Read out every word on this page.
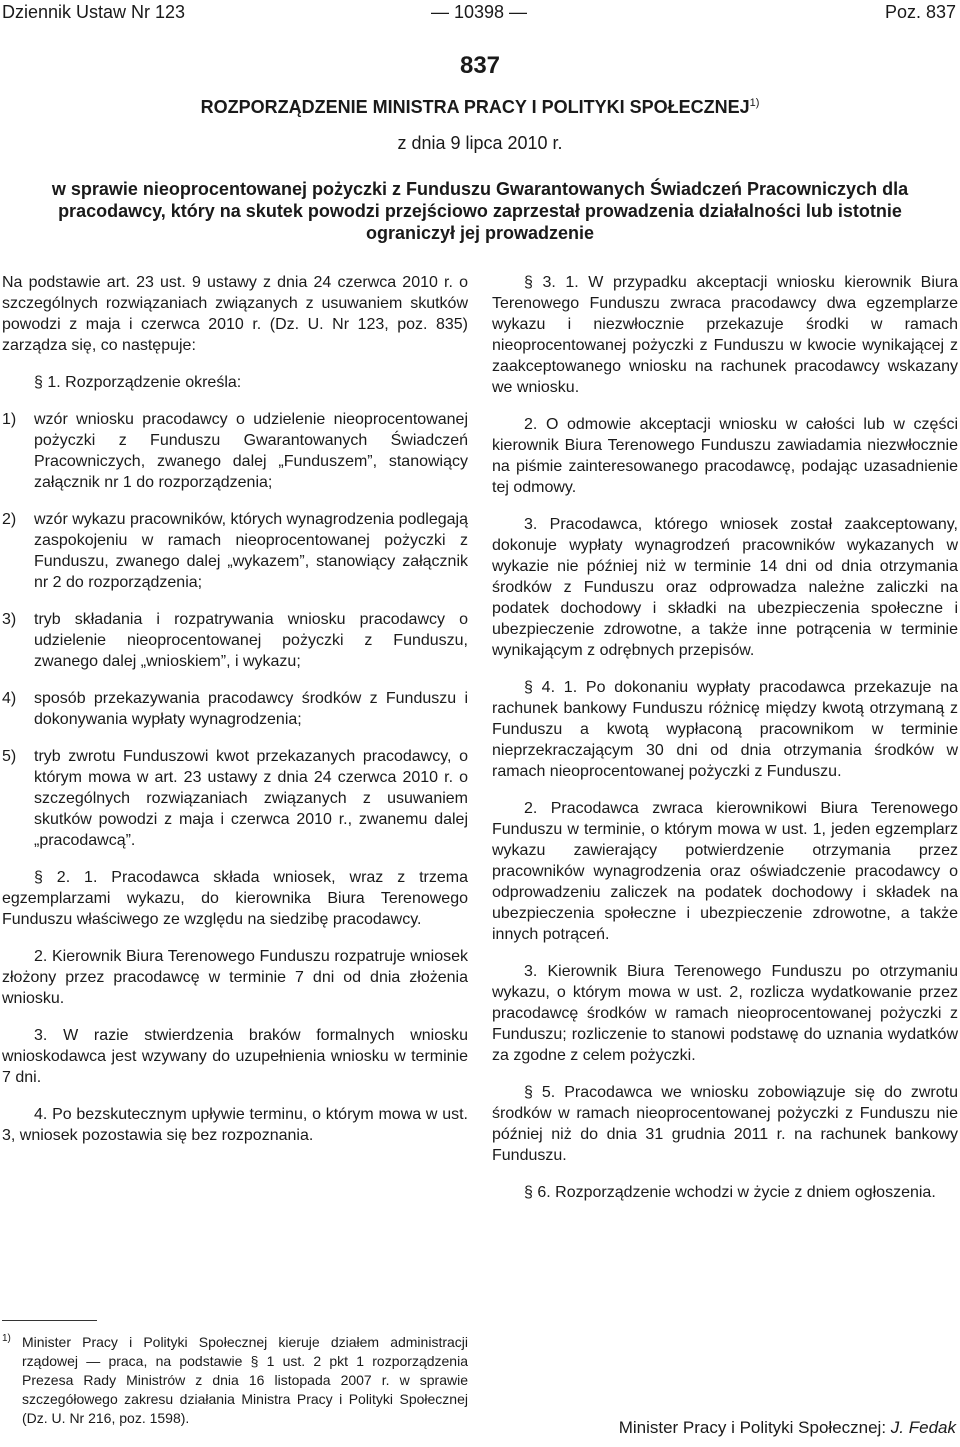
Dziennik Ustaw Nr 123	— 10398 —	Poz. 837
837
ROZPORZĄDZENIE MINISTRA PRACY I POLITYKI SPOŁECZNEJ$^{1)}$
z dnia 9 lipca 2010 r.
w sprawie nieoprocentowanej pożyczki z Funduszu Gwarantowanych Świadczeń Pracowniczych dla pracodawcy, który na skutek powodzi przejściowo zaprzestał prowadzenia działalności lub istotnie ograniczył jej prowadzenie

Na podstawie art. 23 ust. 9 ustawy z dnia 24 czerwca 2010 r. o szczególnych rozwiązaniach związanych z usuwaniem skutków powodzi z maja i czerwca 2010 r. (Dz. U. Nr 123, poz. 835) zarządza się, co następuje:

§ 1. Rozporządzenie określa:

1)	wzór wniosku pracodawcy o udzielenie nieoprocentowanej pożyczki z Funduszu Gwarantowanych Świadczeń Pracowniczych, zwanego dalej „Funduszem”, stanowiący załącznik nr 1 do rozporządzenia;

2)	wzór wykazu pracowników, których wynagrodzenia podlegają zaspokojeniu w ramach nieoprocentowanej pożyczki z Funduszu, zwanego dalej „wykazem”, stanowiący załącznik nr 2 do rozporządzenia;

3)	tryb składania i rozpatrywania wniosku pracodawcy o udzielenie nieoprocentowanej pożyczki z Funduszu, zwanego dalej „wnioskiem”, i wykazu;

4)	sposób przekazywania pracodawcy środków z Funduszu i dokonywania wypłaty wynagrodzenia;

5)	tryb zwrotu Funduszowi kwot przekazanych pracodawcy, o którym mowa w art. 23 ustawy z dnia 24 czerwca 2010 r. o szczególnych rozwiązaniach związanych z usuwaniem skutków powodzi z maja i czerwca 2010 r., zwanemu dalej „pracodawcą”.

§ 2. 1. Pracodawca składa wniosek, wraz z trzema egzemplarzami wykazu, do kierownika Biura Terenowego Funduszu właściwego ze względu na siedzibę pracodawcy.

2. Kierownik Biura Terenowego Funduszu rozpatruje wniosek złożony przez pracodawcę w terminie 7 dni od dnia złożenia wniosku.

3. W razie stwierdzenia braków formalnych wniosku wnioskodawca jest wzywany do uzupełnienia wniosku w terminie 7 dni.

4. Po bezskutecznym upływie terminu, o którym mowa w ust. 3, wniosek pozostawia się bez rozpoznania.

1) Minister Pracy i Polityki Społecznej kieruje działem administracji rządowej — praca, na podstawie § 1 ust. 2 pkt 1 rozporządzenia Prezesa Rady Ministrów z dnia 16 listopada 2007 r. w sprawie szczegółowego zakresu działania Ministra Pracy i Polityki Społecznej (Dz. U. Nr 216, poz. 1598).

§ 3. 1. W przypadku akceptacji wniosku kierownik Biura Terenowego Funduszu zwraca pracodawcy dwa egzemplarze wykazu i niezwłocznie przekazuje środki w ramach nieoprocentowanej pożyczki z Funduszu w kwocie wynikającej z zaakceptowanego wniosku na rachunek pracodawcy wskazany we wniosku.

2. O odmowie akceptacji wniosku w całości lub w części kierownik Biura Terenowego Funduszu zawiadamia niezwłocznie na piśmie zainteresowanego pracodawcę, podając uzasadnienie tej odmowy.

3. Pracodawca, którego wniosek został zaakceptowany, dokonuje wypłaty wynagrodzeń pracowników wykazanych w wykazie nie później niż w terminie 14 dni od dnia otrzymania środków z Funduszu oraz odprowadza należne zaliczki na podatek dochodowy i składki na ubezpieczenia społeczne i ubezpieczenie zdrowotne, a także inne potrącenia w terminie wynikającym z odrębnych przepisów.

§ 4. 1. Po dokonaniu wypłaty pracodawca przekazuje na rachunek bankowy Funduszu różnicę między kwotą otrzymaną z Funduszu a kwotą wypłaconą pracownikom w terminie nieprzekraczającym 30 dni od dnia otrzymania środków w ramach nieoprocentowanej pożyczki z Funduszu.

2. Pracodawca zwraca kierownikowi Biura Terenowego Funduszu w terminie, o którym mowa w ust. 1, jeden egzemplarz wykazu zawierający potwierdzenie otrzymania przez pracowników wynagrodzenia oraz oświadczenie pracodawcy o odprowadzeniu zaliczek na podatek dochodowy i składek na ubezpieczenia społeczne i ubezpieczenie zdrowotne, a także innych potrąceń.

3. Kierownik Biura Terenowego Funduszu po otrzymaniu wykazu, o którym mowa w ust. 2, rozlicza wydatkowanie przez pracodawcę środków w ramach nieoprocentowanej pożyczki z Funduszu; rozliczenie to stanowi podstawę do uznania wydatków za zgodne z celem pożyczki.

§ 5. Pracodawca we wniosku zobowiązuje się do zwrotu środków w ramach nieoprocentowanej pożyczki z Funduszu nie później niż do dnia 31 grudnia 2011 r. na rachunek bankowy Funduszu.

§ 6. Rozporządzenie wchodzi w życie z dniem ogłoszenia.

Minister Pracy i Polityki Społecznej: J. Fedak
